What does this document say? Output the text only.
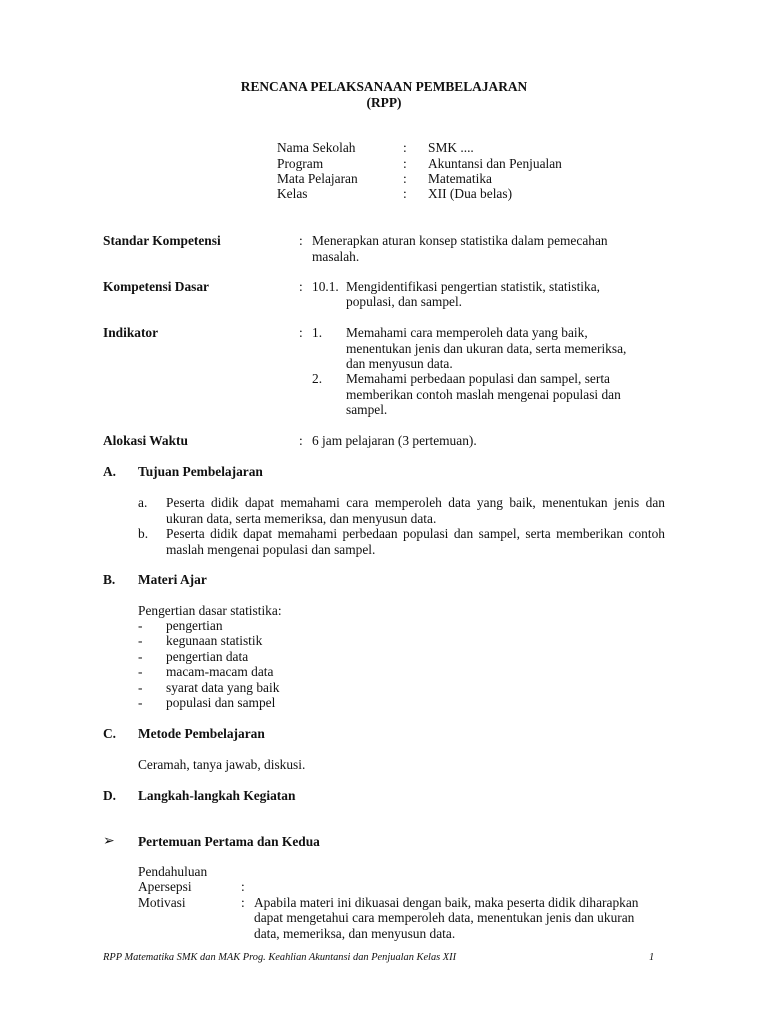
RENCANA PELAKSANAAN PEMBELAJARAN
(RPP)
Nama Sekolah	: SMK ....
Program	: Akuntansi dan Penjualan
Mata Pelajaran	: Matematika
Kelas	: XII (Dua belas)
Standar Kompetensi	: Menerapkan aturan konsep statistika dalam pemecahan
masalah.
Kompetensi Dasar	: 10.1. Mengidentifikasi pengertian statistik, statistika,
populasi, dan sampel.
Indikator	: 1. Memahami cara memperoleh data yang baik,
menentukan jenis dan ukuran data, serta memeriksa,
dan menyusun data.
2. Memahami perbedaan populasi dan sampel, serta
memberikan contoh maslah mengenai populasi dan
sampel.
Alokasi Waktu	: 6 jam pelajaran (3 pertemuan).
A. Tujuan Pembelajaran
a. Peserta didik dapat memahami cara memperoleh data yang baik, menentukan jenis dan ukuran data, serta memeriksa, dan menyusun data.
b. Peserta didik dapat memahami perbedaan populasi dan sampel, serta memberikan contoh maslah mengenai populasi dan sampel.
B. Materi Ajar
Pengertian dasar statistika:
- pengertian
- kegunaan statistik
- pengertian data
- macam-macam data
- syarat data yang baik
- populasi dan sampel
C. Metode Pembelajaran
Ceramah, tanya jawab, diskusi.
D. Langkah-langkah Kegiatan
➢ Pertemuan Pertama dan Kedua
Pendahuluan
Apersepsi	:
Motivasi	: Apabila materi ini dikuasai dengan baik, maka peserta didik diharapkan
dapat mengetahui cara memperoleh data, menentukan jenis dan ukuran
data, memeriksa, dan menyusun data.
RPP Matematika SMK dan MAK Prog. Keahlian Akuntansi dan Penjualan Kelas XII	1
